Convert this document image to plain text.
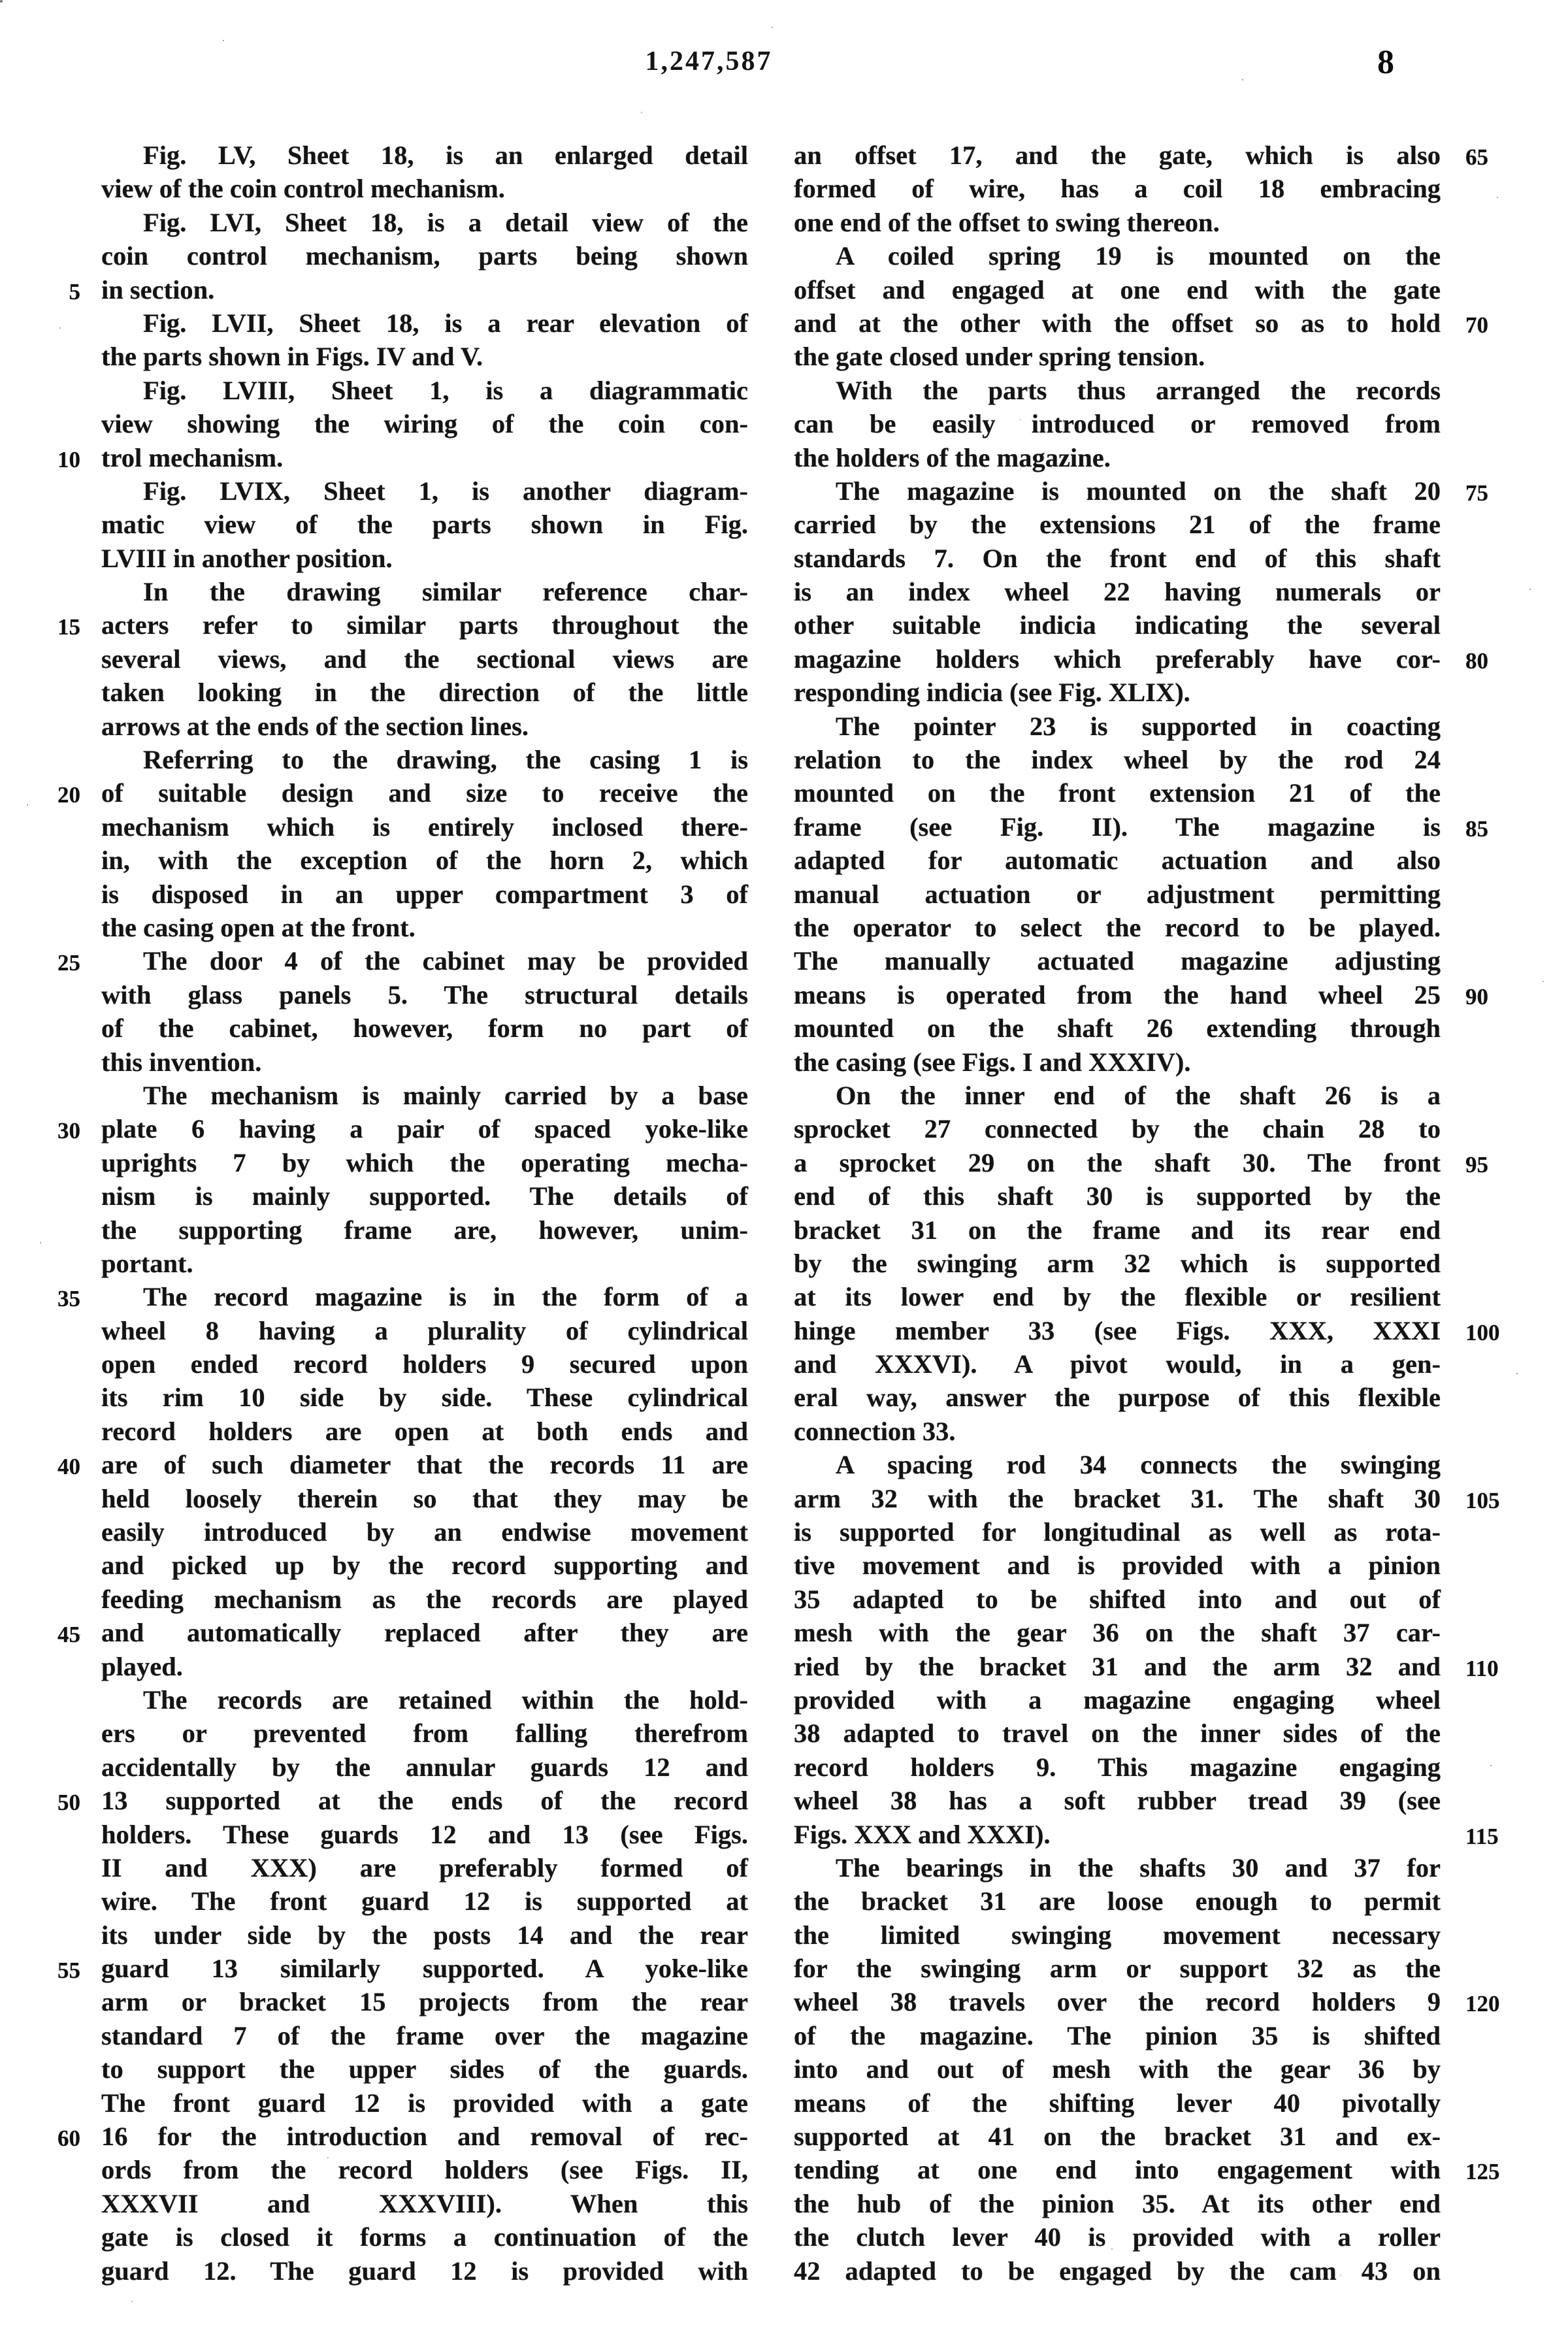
1,247,587	8
Fig. LV, Sheet 18, is an enlarged detail
view of the coin control mechanism.
Fig. LVI, Sheet 18, is a detail view of the
coin control mechanism, parts being shown
5 in section.
Fig. LVII, Sheet 18, is a rear elevation of
the parts shown in Figs. IV and V.
Fig. LVIII, Sheet 1, is a diagrammatic
view showing the wiring of the coin con-
10 trol mechanism.
Fig. LVIX, Sheet 1, is another diagram-
matic view of the parts shown in Fig.
LVIII in another position.
In the drawing similar reference char-
15 acters refer to similar parts throughout the
several views, and the sectional views are
taken looking in the direction of the little
arrows at the ends of the section lines.
Referring to the drawing, the casing 1 is
20 of suitable design and size to receive the
mechanism which is entirely inclosed there-
in, with the exception of the horn 2, which
is disposed in an upper compartment 3 of
the casing open at the front.
25 The door 4 of the cabinet may be provided
with glass panels 5. The structural details
of the cabinet, however, form no part of
this invention.
The mechanism is mainly carried by a base
30 plate 6 having a pair of spaced yoke-like
uprights 7 by which the operating mecha-
nism is mainly supported. The details of
the supporting frame are, however, unim-
portant.
35 The record magazine is in the form of a
wheel 8 having a plurality of cylindrical
open ended record holders 9 secured upon
its rim 10 side by side. These cylindrical
record holders are open at both ends and
40 are of such diameter that the records 11 are
held loosely therein so that they may be
easily introduced by an endwise movement
and picked up by the record supporting and
feeding mechanism as the records are played
45 and automatically replaced after they are
played.
The records are retained within the hold-
ers or prevented from falling therefrom
accidentally by the annular guards 12 and
50 13 supported at the ends of the record
holders. These guards 12 and 13 (see Figs.
II and XXX) are preferably formed of
wire. The front guard 12 is supported at
its under side by the posts 14 and the rear
55 guard 13 similarly supported. A yoke-like
arm or bracket 15 projects from the rear
standard 7 of the frame over the magazine
to support the upper sides of the guards.
The front guard 12 is provided with a gate
60 16 for the introduction and removal of rec-
ords from the record holders (see Figs. II,
XXXVII and XXXVIII). When this
gate is closed it forms a continuation of the
guard 12. The guard 12 is provided with
65
an offset 17, and the gate, which is also
formed of wire, has a coil 18 embracing
one end of the offset to swing thereon.
A coiled spring 19 is mounted on the
offset and engaged at one end with the gate
70
and at the other with the offset so as to hold
the gate closed under spring tension.
With the parts thus arranged the records
can be easily introduced or removed from
the holders of the magazine.
75
The magazine is mounted on the shaft 20
carried by the extensions 21 of the frame
standards 7. On the front end of this shaft
is an index wheel 22 having numerals or
other suitable indicia indicating the several
80
magazine holders which preferably have cor-
responding indicia (see Fig. XLIX).
The pointer 23 is supported in coacting
relation to the index wheel by the rod 24
mounted on the front extension 21 of the
85
frame (see Fig. II). The magazine is
adapted for automatic actuation and also
manual actuation or adjustment permitting
the operator to select the record to be played.
The manually actuated magazine adjusting
90
means is operated from the hand wheel 25
mounted on the shaft 26 extending through
the casing (see Figs. I and XXXIV).
On the inner end of the shaft 26 is a
sprocket 27 connected by the chain 28 to
95
a sprocket 29 on the shaft 30. The front
end of this shaft 30 is supported by the
bracket 31 on the frame and its rear end
by the swinging arm 32 which is supported
at its lower end by the flexible or resilient
100
hinge member 33 (see Figs. XXX, XXXI
and XXXVI). A pivot would, in a gen-
eral way, answer the purpose of this flexible
connection 33.
A spacing rod 34 connects the swinging
105
arm 32 with the bracket 31. The shaft 30
is supported for longitudinal as well as rota-
tive movement and is provided with a pinion
35 adapted to be shifted into and out of
mesh with the gear 36 on the shaft 37 car-
110
ried by the bracket 31 and the arm 32 and
provided with a magazine engaging wheel
38 adapted to travel on the inner sides of the
record holders 9. This magazine engaging
wheel 38 has a soft rubber tread 39 (see
115
Figs. XXX and XXXI).
The bearings in the shafts 30 and 37 for
the bracket 31 are loose enough to permit
the limited swinging movement necessary
for the swinging arm or support 32 as the
120
wheel 38 travels over the record holders 9
of the magazine. The pinion 35 is shifted
into and out of mesh with the gear 36 by
means of the shifting lever 40 pivotally
supported at 41 on the bracket 31 and ex-
125
tending at one end into engagement with
the hub of the pinion 35. At its other end
the clutch lever 40 is provided with a roller
42 adapted to be engaged by the cam 43 on
